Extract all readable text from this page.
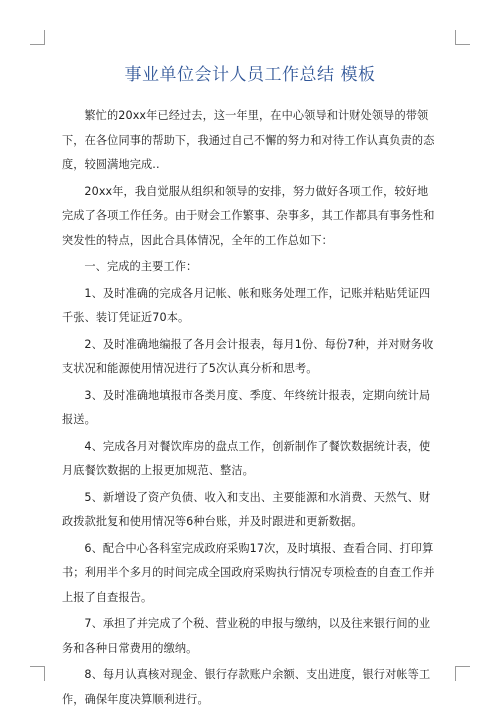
事业单位会计人员工作总结 模板

繁忙的20xx年已经过去，这一年里，在中心领导和计财处领导的带领下，在各位同事的帮助下，我通过自己不懈的努力和对待工作认真负责的态度，较圆满地完成..

20xx年，我自觉服从组织和领导的安排，努力做好各项工作，较好地完成了各项工作任务。由于财会工作繁事、杂事多，其工作都具有事务性和突发性的特点，因此合具体情况，全年的工作总如下：

一、完成的主要工作：

1、及时准确的完成各月记帐、帐和账务处理工作，记账并粘贴凭证四千张、装订凭证近70本。

2、及时准确地编报了各月会计报表，每月1份、每份7种，并对财务收支状况和能源使用情况进行了5次认真分析和思考。

3、及时准确地填报市各类月度、季度、年终统计报表，定期向统计局报送。

4、完成各月对餐饮库房的盘点工作，创新制作了餐饮数据统计表，使月底餐饮数据的上报更加规范、整洁。

5、新增设了资产负债、收入和支出、主要能源和水消费、天然气、财政拨款批复和使用情况等6种台账，并及时跟进和更新数据。

6、配合中心各科室完成政府采购17次，及时填报、查看合同、打印算书；利用半个多月的时间完成全国政府采购执行情况专项检查的自查工作并上报了自查报告。

7、承担了并完成了个税、营业税的申报与缴纳，以及往来银行间的业务和各种日常费用的缴纳。

8、每月认真核对现金、银行存款账户余额、支出进度，银行对帐等工作，确保年度决算顺利进行。
